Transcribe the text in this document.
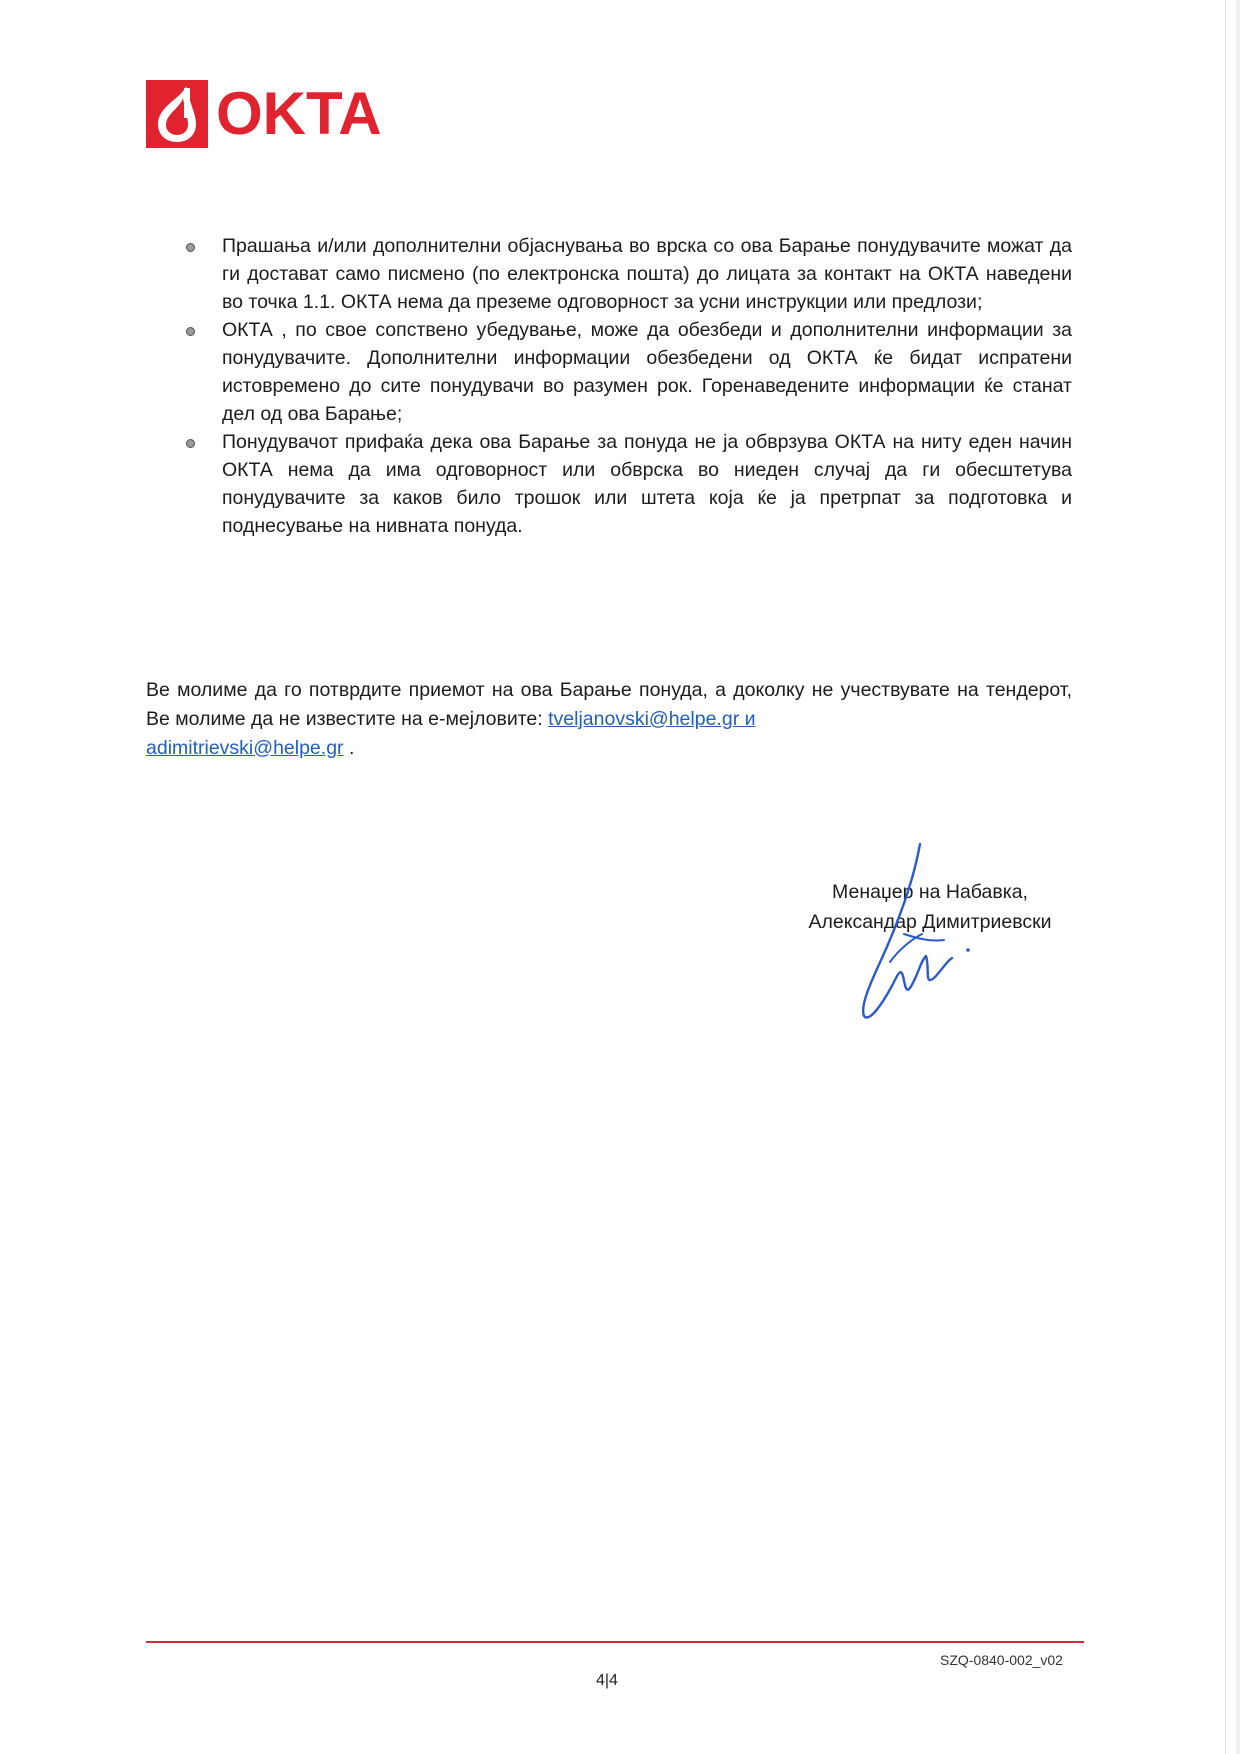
OKTA
Прашања и/или дополнителни објаснувања во врска со ова Барање понудувачите можат да ги достават само писмено (по електронска пошта) до лицата за контакт на ОКТА наведени во точка 1.1. ОКТА нема да преземе одговорност за усни инструкции или предлози;
ОКТА , по свое сопствено убедување, може да обезбеди и дополнителни информации за понудувачите. Дополнителни информации обезбедени од ОКТА ќе бидат испратени истовремено до сите понудувачи во разумен рок. Горенаведените информации ќе станат дел од ова Барање;
Понудувачот прифаќа дека ова Барање за понуда не ја обврзува ОКТА на ниту еден начин ОКТА нема да има одговорност или обврска во ниеден случај да ги обесштетува понудувачите за каков било трошок или штета која ќе ја претрпат за подготовка и поднесување на нивната понуда.

Ве молиме да го потврдите приемот на ова Барање понуда, а доколку не учествувате на тендерот, Ве молиме да не известите на е-мејловите: tveljanovski@helpe.gr и
adimitrievski@helpe.gr .

Менаџер на Набавка,
Александар Димитриевски
SZQ-0840-002_v02
4|4
